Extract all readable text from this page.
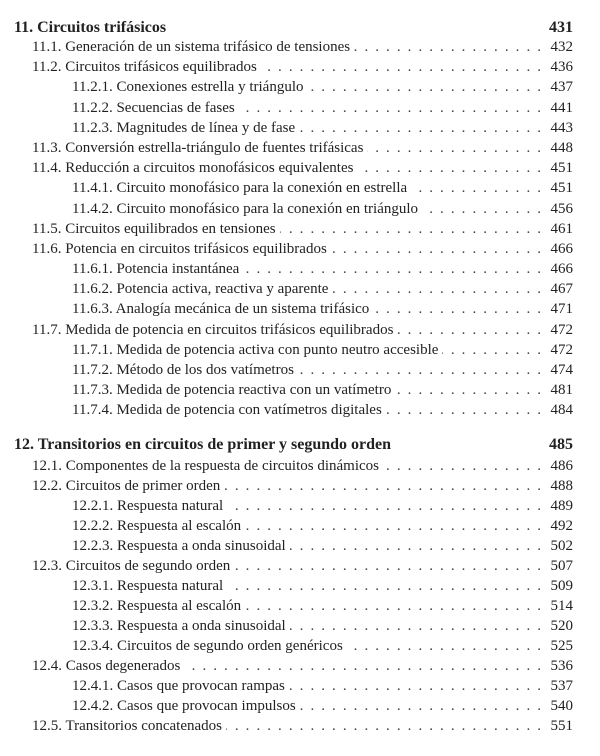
11. Circuitos trifásicos	431
11.1. Generación de un sistema trifásico de tensiones . . .	432
11.2. Circuitos trifásicos equilibrados . . .	436
11.2.1. Conexiones estrella y triángulo . . .	437
11.2.2. Secuencias de fases . . .	441
11.2.3. Magnitudes de línea y de fase . . .	443
11.3. Conversión estrella-triángulo de fuentes trifásicas . . .	448
11.4. Reducción a circuitos monofásicos equivalentes . . .	451
11.4.1. Circuito monofásico para la conexión en estrella . . .	451
11.4.2. Circuito monofásico para la conexión en triángulo . . .	456
11.5. Circuitos equilibrados en tensiones . . .	461
11.6. Potencia en circuitos trifásicos equilibrados . . .	466
11.6.1. Potencia instantánea . . .	466
11.6.2. Potencia activa, reactiva y aparente . . .	467
11.6.3. Analogía mecánica de un sistema trifásico . . .	471
11.7. Medida de potencia en circuitos trifásicos equilibrados . . .	472
11.7.1. Medida de potencia activa con punto neutro accesible . . .	472
11.7.2. Método de los dos vatímetros . . .	474
11.7.3. Medida de potencia reactiva con un vatímetro . . .	481
11.7.4. Medida de potencia con vatímetros digitales . . .	484
12. Transitorios en circuitos de primer y segundo orden	485
12.1. Componentes de la respuesta de circuitos dinámicos . . .	486
12.2. Circuitos de primer orden . . .	488
12.2.1. Respuesta natural . . .	489
12.2.2. Respuesta al escalón . . .	492
12.2.3. Respuesta a onda sinusoidal . . .	502
12.3. Circuitos de segundo orden . . .	507
12.3.1. Respuesta natural . . .	509
12.3.2. Respuesta al escalón . . .	514
12.3.3. Respuesta a onda sinusoidal . . .	520
12.3.4. Circuitos de segundo orden genéricos . . .	525
12.4. Casos degenerados . . .	536
12.4.1. Casos que provocan rampas . . .	537
12.4.2. Casos que provocan impulsos . . .	540
12.5. Transitorios concatenados . . .	551
